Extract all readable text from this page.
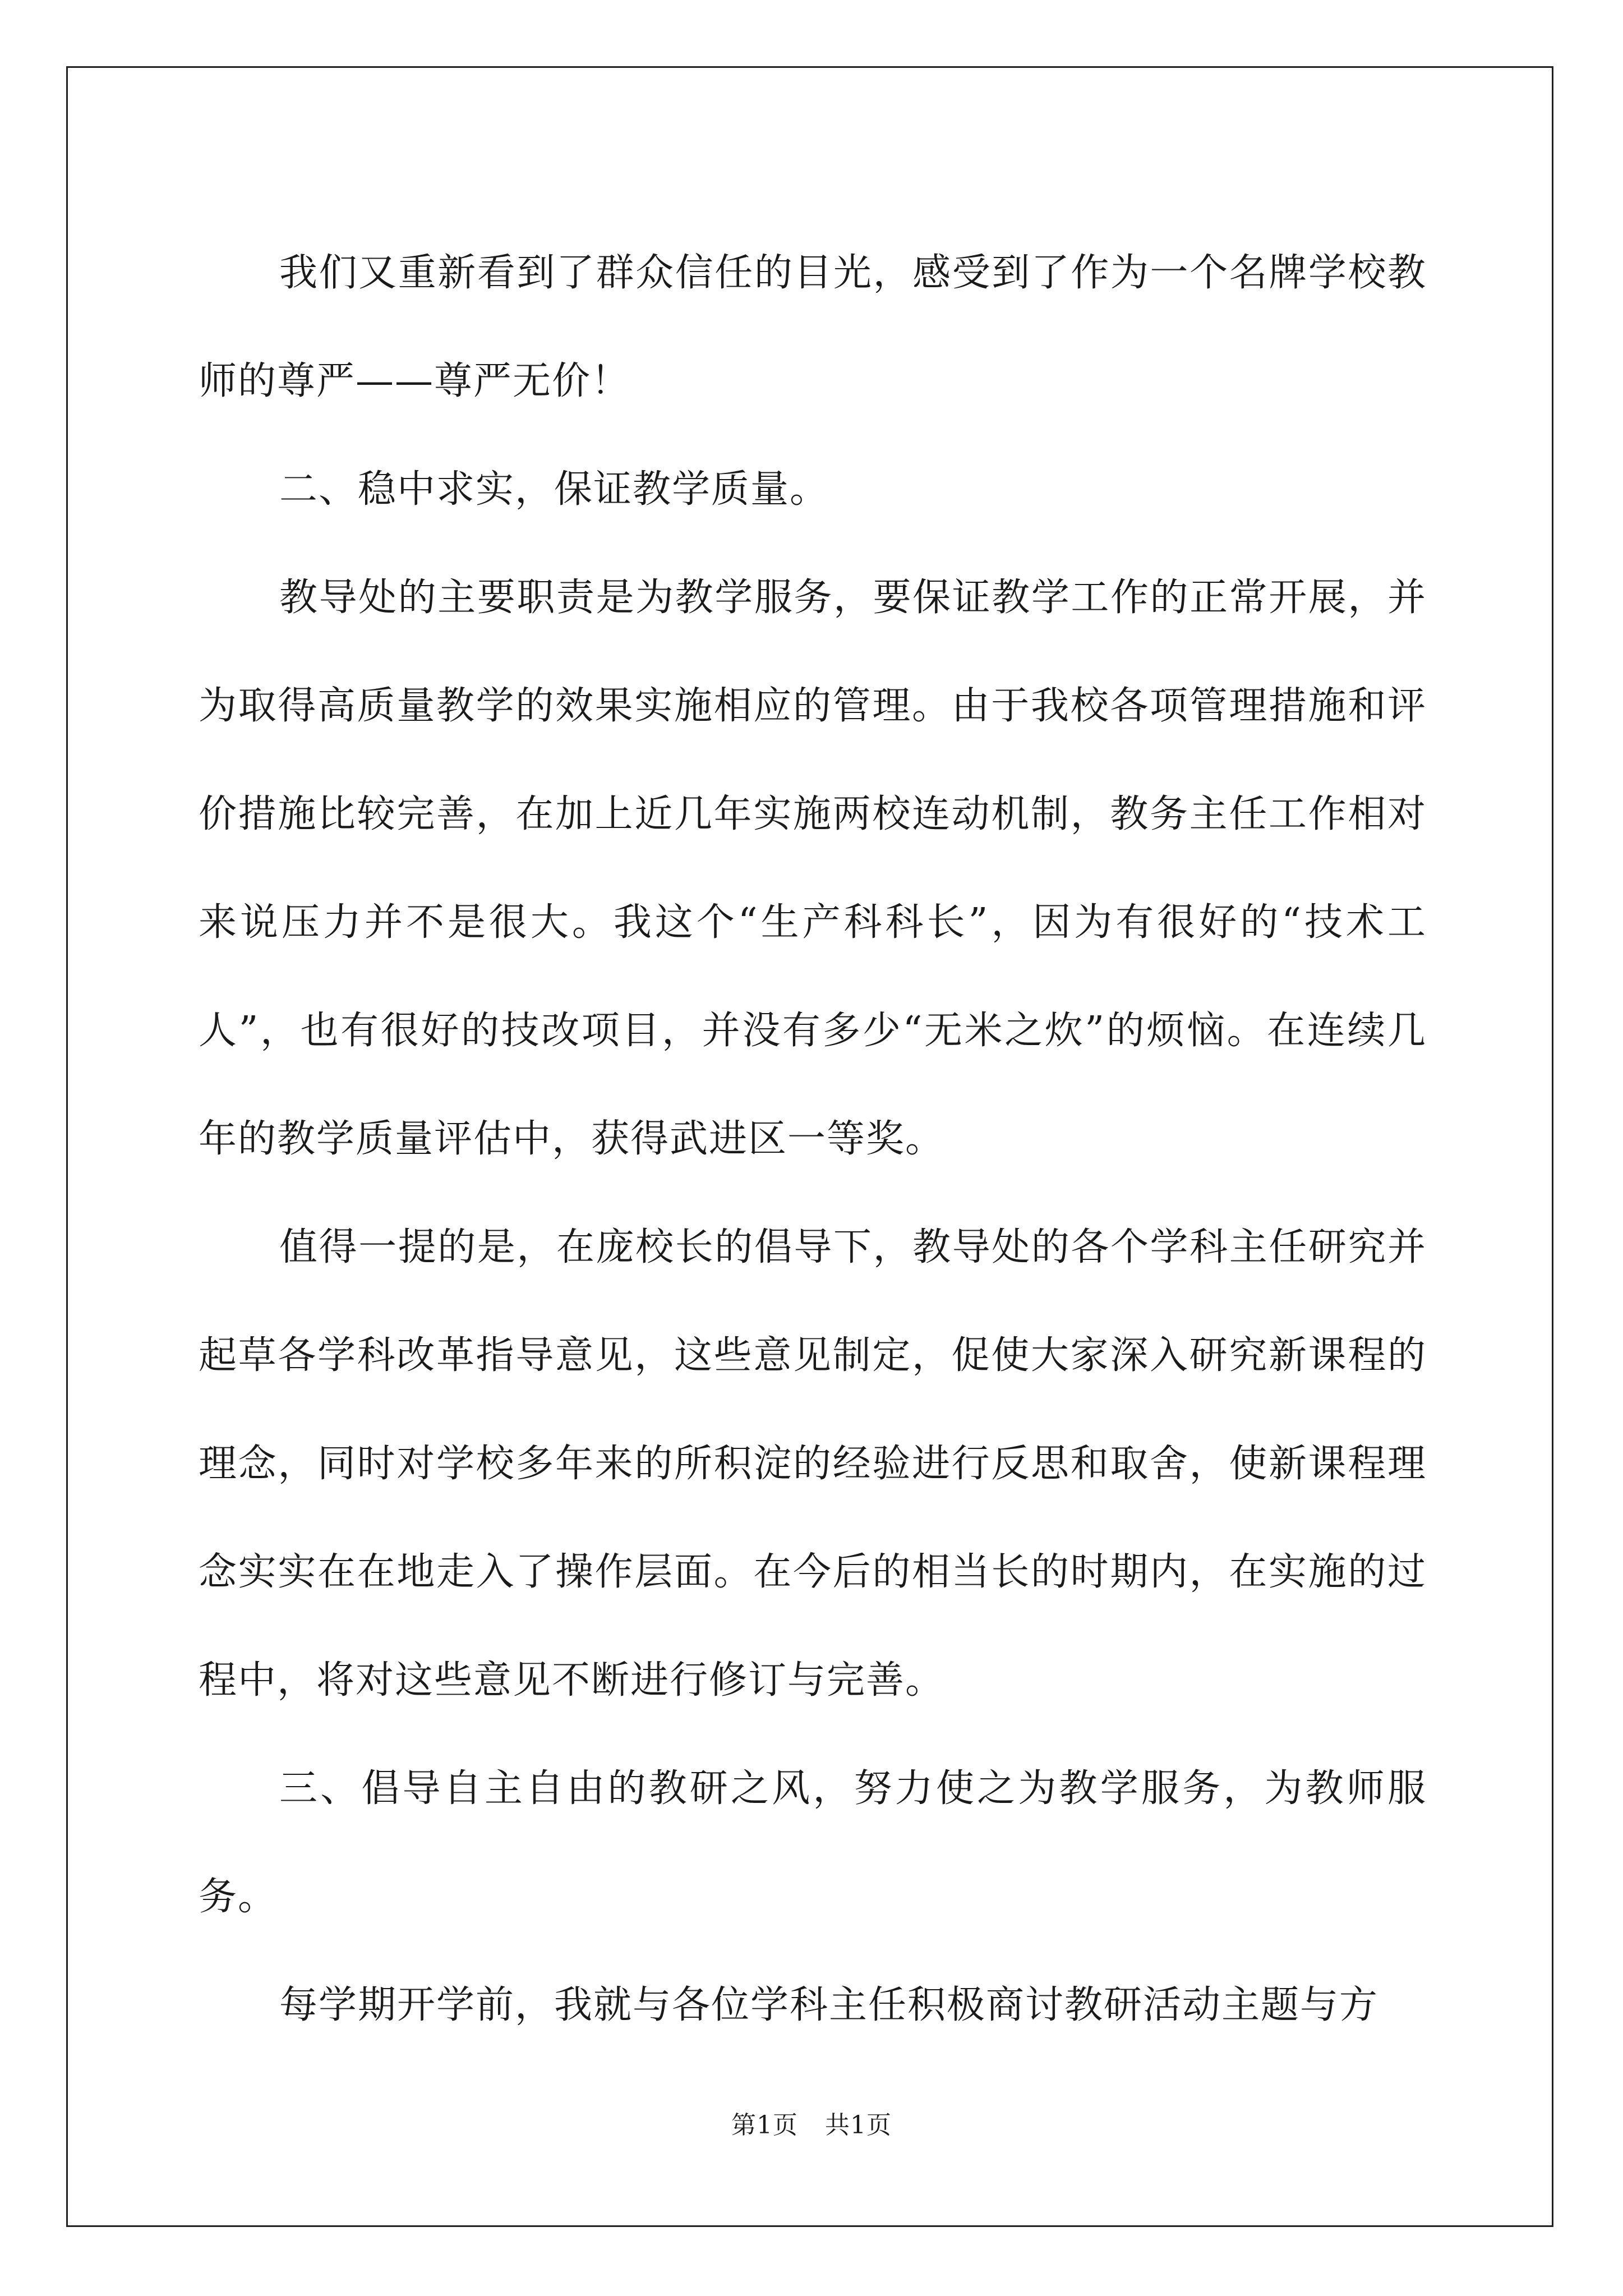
我们又重新看到了群众信任的目光，感受到了作为一个名牌学校教师的尊严——尊严无价！

二、稳中求实，保证教学质量。

教导处的主要职责是为教学服务，要保证教学工作的正常开展，并为取得高质量教学的效果实施相应的管理。由于我校各项管理措施和评价措施比较完善，在加上近几年实施两校连动机制，教务主任工作相对来说压力并不是很大。我这个“生产科科长”，因为有很好的“技术工人”，也有很好的技改项目，并没有多少“无米之炊”的烦恼。在连续几年的教学质量评估中，获得武进区一等奖。

值得一提的是，在庞校长的倡导下，教导处的各个学科主任研究并起草各学科改革指导意见，这些意见制定，促使大家深入研究新课程的理念，同时对学校多年来的所积淀的经验进行反思和取舍，使新课程理念实实在在地走入了操作层面。在今后的相当长的时期内，在实施的过程中，将对这些意见不断进行修订与完善。

三、倡导自主自由的教研之风，努力使之为教学服务，为教师服务。

每学期开学前，我就与各位学科主任积极商讨教研活动主题与方

第1页 共1页
